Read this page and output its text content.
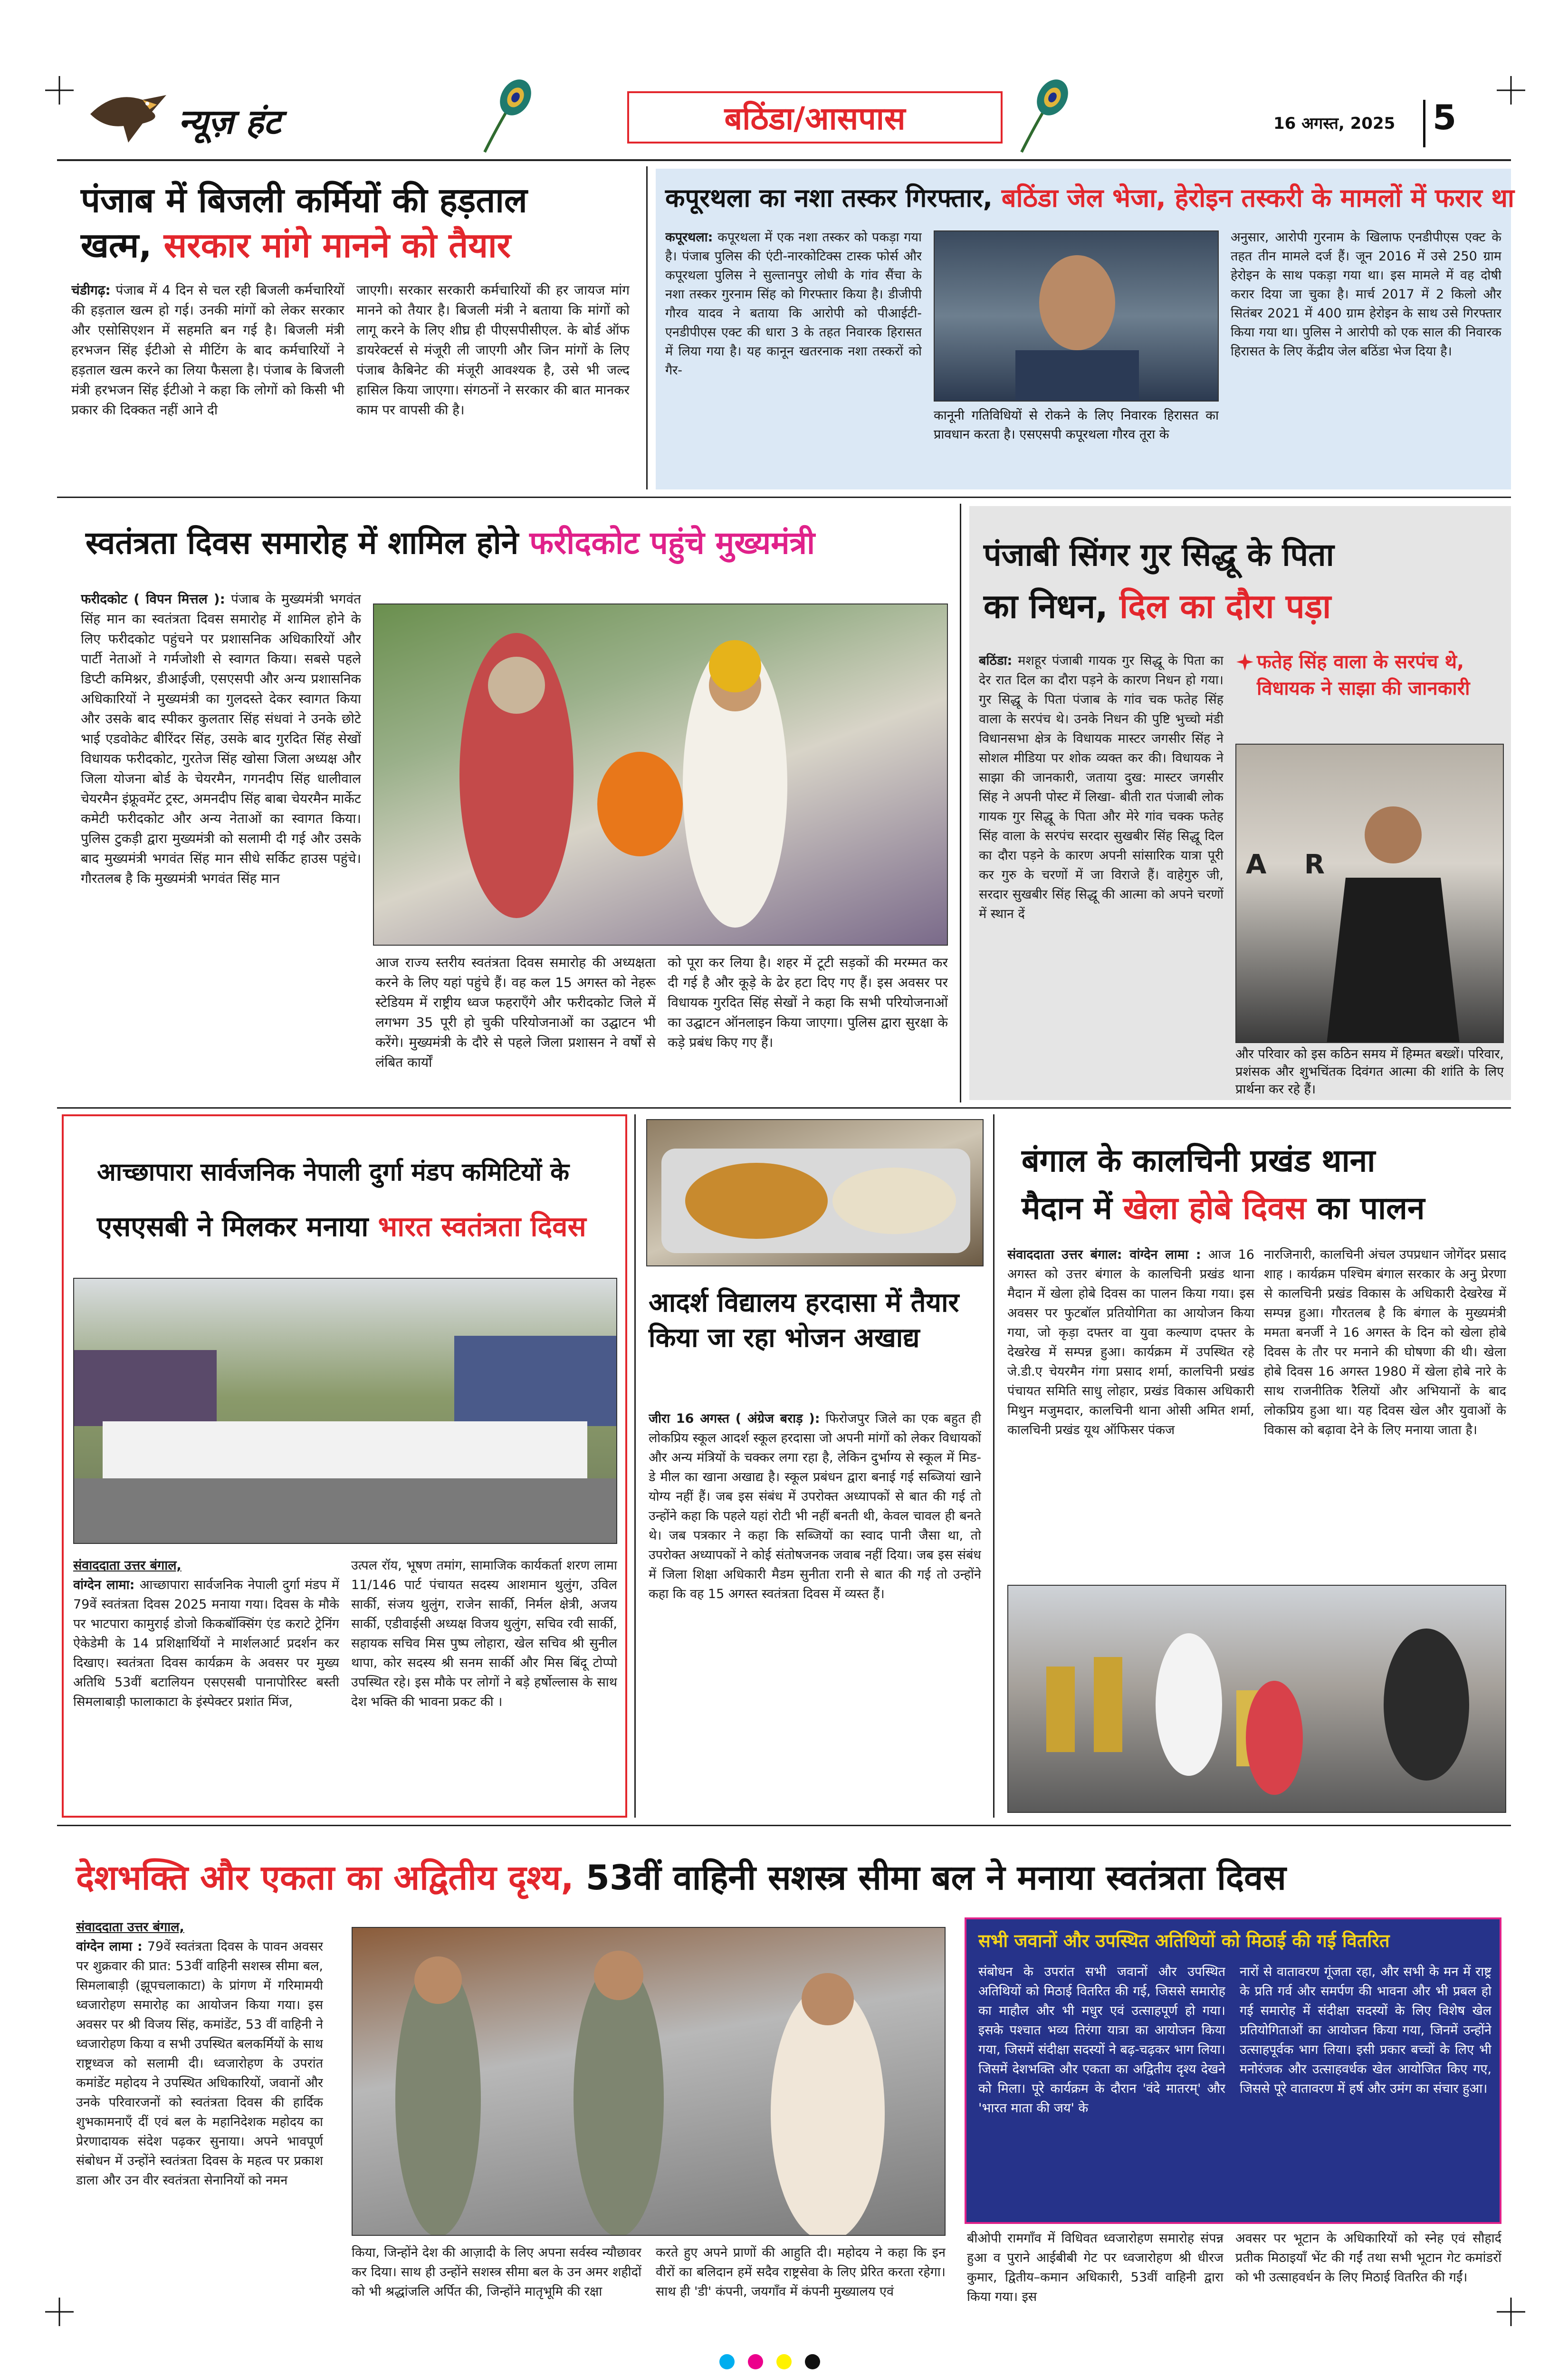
न्यूज़ हंट	बठिंडा/आसपास	16 अगस्त, 2025 5
पंजाब में बिजली कर्मियों की हड़ताल
खत्म, सरकार मांगे मानने को तैयार
चंडीगढ़: पंजाब में 4 दिन से चल रही बिजली कर्मचारियों की हड़ताल खत्म हो गई। उनकी मांगों को लेकर सरकार और एसोसिएशन में सहमति बन गई है। बिजली मंत्री हरभजन सिंह ईटीओ से मीटिंग के बाद कर्मचारियों ने हड़ताल खत्म करने का लिया फैसला है। पंजाब के बिजली मंत्री हरभजन सिंह ईटीओ ने कहा कि लोगों को किसी भी प्रकार की दिक्कत नहीं आने दी
जाएगी। सरकार सरकारी कर्मचारियों की हर जायज मांग मानने को तैयार है। बिजली मंत्री ने बताया कि मांगों को लागू करने के लिए शीघ्र ही पीएसपीसीएल. के बोर्ड ऑफ डायरेक्टर्स से मंजूरी ली जाएगी और जिन मांगों के लिए पंजाब कैबिनेट की मंजूरी आवश्यक है, उसे भी जल्द हासिल किया जाएगा। संगठनों ने सरकार की बात मानकर काम पर वापसी की है।
कपूरथला का नशा तस्कर गिरफ्तार, बठिंडा जेल भेजा, हेरोइन तस्करी के मामलों में फरार था
कपूरथला: कपूरथला में एक नशा तस्कर को पकड़ा गया है। पंजाब पुलिस की एंटी-नारकोटिक्स टास्क फोर्स और कपूरथला पुलिस ने सुल्तानपुर लोधी के गांव सैंचा के नशा तस्कर गुरनाम सिंह को गिरफ्तार किया है। डीजीपी गौरव यादव ने बताया कि आरोपी को पीआईटी-एनडीपीएस एक्ट की धारा 3 के तहत निवारक हिरासत में लिया गया है। यह कानून खतरनाक नशा तस्करों को गैर-
कानूनी गतिविधियों से रोकने के लिए निवारक हिरासत का प्रावधान करता है। एसएसपी कपूरथला गौरव तूरा के
अनुसार, आरोपी गुरनाम के खिलाफ एनडीपीएस एक्ट के तहत तीन मामले दर्ज हैं। जून 2016 में उसे 250 ग्राम हेरोइन के साथ पकड़ा गया था। इस मामले में वह दोषी करार दिया जा चुका है। मार्च 2017 में 2 किलो और सितंबर 2021 में 400 ग्राम हेरोइन के साथ उसे गिरफ्तार किया गया था। पुलिस ने आरोपी को एक साल की निवारक हिरासत के लिए केंद्रीय जेल बठिंडा भेज दिया है।
स्वतंत्रता दिवस समारोह में शामिल होने फरीदकोट पहुंचे मुख्यमंत्री
फरीदकोट ( विपन मित्तल ): पंजाब के मुख्यमंत्री भगवंत सिंह मान का स्वतंत्रता दिवस समारोह में शामिल होने के लिए फरीदकोट पहुंचने पर प्रशासनिक अधिकारियों और पार्टी नेताओं ने गर्मजोशी से स्वागत किया। सबसे पहले डिप्टी कमिश्नर, डीआईजी, एसएसपी और अन्य प्रशासनिक अधिकारियों ने मुख्यमंत्री का गुलदस्ते देकर स्वागत किया और उसके बाद स्पीकर कुलतार सिंह संधवां ने उनके छोटे भाई एडवोकेट बीरिंदर सिंह, उसके बाद गुरदित सिंह सेखों विधायक फरीदकोट, गुरतेज सिंह खोसा जिला अध्यक्ष और जिला योजना बोर्ड के चेयरमैन, गगनदीप सिंह धालीवाल चेयरमैन इंफ्रूवमेंट ट्रस्ट, अमनदीप सिंह बाबा चेयरमैन मार्केट कमेटी फरीदकोट और अन्य नेताओं का स्वागत किया। पुलिस टुकड़ी द्वारा मुख्यमंत्री को सलामी दी गई और उसके बाद मुख्यमंत्री भगवंत सिंह मान सीधे सर्किट हाउस पहुंचे। गौरतलब है कि मुख्यमंत्री भगवंत सिंह मान
आज राज्य स्तरीय स्वतंत्रता दिवस समारोह की अध्यक्षता करने के लिए यहां पहुंचे हैं। वह कल 15 अगस्त को नेहरू स्टेडियम में राष्ट्रीय ध्वज फहराएँगे और फरीदकोट जिले में लगभग 35 पूरी हो चुकी परियोजनाओं का उद्घाटन भी करेंगे। मुख्यमंत्री के दौरे से पहले जिला प्रशासन ने वर्षों से लंबित कार्यों
को पूरा कर लिया है। शहर में टूटी सड़कों की मरम्मत कर दी गई है और कूड़े के ढेर हटा दिए गए हैं। इस अवसर पर विधायक गुरदित सिंह सेखों ने कहा कि सभी परियोजनाओं का उद्घाटन ऑनलाइन किया जाएगा। पुलिस द्वारा सुरक्षा के कड़े प्रबंध किए गए हैं।
पंजाबी सिंगर गुर सिद्धू के पिता
का निधन, दिल का दौरा पड़ा
बठिंडा: मशहूर पंजाबी गायक गुर सिद्धू के पिता का देर रात दिल का दौरा पड़ने के कारण निधन हो गया। गुर सिद्धू के पिता पंजाब के गांव चक फतेह सिंह वाला के सरपंच थे। उनके निधन की पुष्टि भुच्चो मंडी विधानसभा क्षेत्र के विधायक मास्टर जगसीर सिंह ने सोशल मीडिया पर शोक व्यक्त कर की। विधायक ने साझा की जानकारी, जताया दुख: मास्टर जगसीर सिंह ने अपनी पोस्ट में लिखा- बीती रात पंजाबी लोक गायक गुर सिद्धू के पिता और मेरे गांव चक्क फतेह सिंह वाला के सरपंच सरदार सुखबीर सिंह सिद्धू दिल का दौरा पड़ने के कारण अपनी सांसारिक यात्रा पूरी कर गुरु के चरणों में जा विराजे हैं। वाहेगुरु जी, सरदार सुखबीर सिंह सिद्धू की आत्मा को अपने चरणों में स्थान दें
फतेह सिंह वाला के सरपंच थे, विधायक ने साझा की जानकारी
A R
और परिवार को इस कठिन समय में हिम्मत बख्शें। परिवार, प्रशंसक और शुभचिंतक दिवंगत आत्मा की शांति के लिए प्रार्थना कर रहे हैं।
आच्छापारा सार्वजनिक नेपाली दुर्गा मंडप कमिटियों के
एसएसबी ने मिलकर मनाया भारत स्वतंत्रता दिवस
संवाददाता उत्तर बंगाल,
वांग्देन लामा: आच्छापारा सार्वजनिक नेपाली दुर्गा मंडप में 79वें स्वतंत्रता दिवस 2025 मनाया गया। दिवस के मौके पर भाटपारा कामुराई डोजो किकबॉक्सिंग एंड कराटे ट्रेनिंग ऐकेडेमी के 14 प्रशिक्षार्थियों ने मार्शलआर्ट प्रदर्शन कर दिखाए। स्वतंत्रता दिवस कार्यक्रम के अवसर पर मुख्य अतिथि 53वीं बटालियन एसएसबी पानापोरिस्ट बस्ती सिमलाबाड़ी फालाकाटा के इंस्पेक्टर प्रशांत मिंज,
उत्पल रॉय, भूषण तमांग, सामाजिक कार्यकर्ता शरण लामा 11/146 पार्ट पंचायत सदस्य आशमान थुलुंग, उविल सार्की, संजय थुलुंग, राजेन सार्की, निर्मल क्षेत्री, अजय सार्की, एडीवाईसी अध्यक्ष विजय थुलुंग, सचिव रवी सार्की, सहायक सचिव मिस पुष्प लोहारा, खेल सचिव श्री सुनील थापा, कोर सदस्य श्री सनम सार्की और मिस बिंदू टोप्पो उपस्थित रहे। इस मौके पर लोगों ने बड़े हर्षोल्लास के साथ देश भक्ति की भावना प्रकट की ।
आदर्श विद्यालय हरदासा में तैयार किया जा रहा भोजन अखाद्य
जीरा 16 अगस्त ( अंग्रेज बराड़ ): फिरोजपुर जिले का एक बहुत ही लोकप्रिय स्कूल आदर्श स्कूल हरदासा जो अपनी मांगों को लेकर विधायकों और अन्य मंत्रियों के चक्कर लगा रहा है, लेकिन दुर्भाग्य से स्कूल में मिड-डे मील का खाना अखाद्य है। स्कूल प्रबंधन द्वारा बनाई गई सब्जियां खाने योग्य नहीं हैं। जब इस संबंध में उपरोक्त अध्यापकों से बात की गई तो उन्होंने कहा कि पहले यहां रोटी भी नहीं बनती थी, केवल चावल ही बनते थे। जब पत्रकार ने कहा कि सब्जियों का स्वाद पानी जैसा था, तो उपरोक्त अध्यापकों ने कोई संतोषजनक जवाब नहीं दिया। जब इस संबंध में जिला शिक्षा अधिकारी मैडम सुनीता रानी से बात की गई तो उन्होंने कहा कि वह 15 अगस्त स्वतंत्रता दिवस में व्यस्त हैं।
बंगाल के कालचिनी प्रखंड थाना
मैदान में खेला होबे दिवस का पालन
संवाददाता उत्तर बंगाल: वांग्देन लामा : आज 16 अगस्त को उत्तर बंगाल के कालचिनी प्रखंड थाना मैदान में खेला होबे दिवस का पालन किया गया। इस अवसर पर फुटबॉल प्रतियोगिता का आयोजन किया गया, जो कृड़ा दफ्तर वा युवा कल्याण दफ्तर के देखरेख में सम्पन्न हुआ। कार्यक्रम में उपस्थित रहे जे.डी.ए चेयरमैन गंगा प्रसाद शर्मा, कालचिनी प्रखंड पंचायत समिति साधु लोहार, प्रखंड विकास अधिकारी मिथुन मजुमदार, कालचिनी थाना ओसी अमित शर्मा, कालचिनी प्रखंड यूथ ऑफिसर पंकज
नारजिनारी, कालचिनी अंचल उपप्रधान जोगेंदर प्रसाद शाह । कार्यक्रम पश्चिम बंगाल सरकार के अनु प्रेरणा से कालचिनी प्रखंड विकास के अधिकारी देखरेख में सम्पन्न हुआ। गौरतलब है कि बंगाल के मुख्यमंत्री ममता बनर्जी ने 16 अगस्त के दिन को खेला होबे दिवस के तौर पर मनाने की घोषणा की थी। खेला होबे दिवस 16 अगस्त 1980 में खेला होबे नारे के साथ राजनीतिक रैलियों और अभियानों के बाद लोकप्रिय हुआ था। यह दिवस खेल और युवाओं के विकास को बढ़ावा देने के लिए मनाया जाता है।
देशभक्ति और एकता का अद्वितीय दृश्य, 53वीं वाहिनी सशस्त्र सीमा बल ने मनाया स्वतंत्रता दिवस
संवाददाता उत्तर बंगाल,
वांग्देन लामा : 79वें स्वतंत्रता दिवस के पावन अवसर पर शुक्रवार की प्रात: 53वीं वाहिनी सशस्त्र सीमा बल, सिमलाबाड़ी (झूपचलाकाटा) के प्रांगण में गरिमामयी ध्वजारोहण समारोह का आयोजन किया गया। इस अवसर पर श्री विजय सिंह, कमांडेंट, 53 वीं वाहिनी ने ध्वजारोहण किया व सभी उपस्थित बलकर्मियों के साथ राष्ट्रध्वज को सलामी दी। ध्वजारोहण के उपरांत कमांडेंट महोदय ने उपस्थित अधिकारियों, जवानों और उनके परिवारजनों को स्वतंत्रता दिवस की हार्दिक शुभकामनाएँ दीं एवं बल के महानिदेशक महोदय का प्रेरणादायक संदेश पढ़कर सुनाया। अपने भावपूर्ण संबोधन में उन्होंने स्वतंत्रता दिवस के महत्व पर प्रकाश डाला और उन वीर स्वतंत्रता सेनानियों को नमन
किया, जिन्होंने देश की आज़ादी के लिए अपना सर्वस्व न्यौछावर कर दिया। साथ ही उन्होंने सशस्त्र सीमा बल के उन अमर शहीदों को भी श्रद्धांजलि अर्पित की, जिन्होंने मातृभूमि की रक्षा
करते हुए अपने प्राणों की आहुति दी। महोदय ने कहा कि इन वीरों का बलिदान हमें सदैव राष्ट्रसेवा के लिए प्रेरित करता रहेगा। साथ ही 'डी' कंपनी, जयगाँव में कंपनी मुख्यालय एवं
सभी जवानों और उपस्थित अतिथियों को मिठाई की गई वितरित
संबोधन के उपरांत सभी जवानों और उपस्थित अतिथियों को मिठाई वितरित की गई, जिससे समारोह का माहौल और भी मधुर एवं उत्साहपूर्ण हो गया। इसके पश्चात भव्य तिरंगा यात्रा का आयोजन किया गया, जिसमें संदीक्षा सदस्यों ने बढ़-चढ़कर भाग लिया। जिसमें देशभक्ति और एकता का अद्वितीय दृश्य देखने को मिला। पूरे कार्यक्रम के दौरान 'वंदे मातरम्' और 'भारत माता की जय' के
नारों से वातावरण गूंजता रहा, और सभी के मन में राष्ट्र के प्रति गर्व और समर्पण की भावना और भी प्रबल हो गई समारोह में संदीक्षा सदस्यों के लिए विशेष खेल प्रतियोगिताओं का आयोजन किया गया, जिनमें उन्होंने उत्साहपूर्वक भाग लिया। इसी प्रकार बच्चों के लिए भी मनोरंजक और उत्साहवर्धक खेल आयोजित किए गए, जिससे पूरे वातावरण में हर्ष और उमंग का संचार हुआ।
बीओपी रामगाँव में विधिवत ध्वजारोहण समारोह संपन्न हुआ व पुराने आईबीबी गेट पर ध्वजारोहण श्री धीरज कुमार, द्वितीय–कमान अधिकारी, 53वीं वाहिनी द्वारा किया गया। इस
अवसर पर भूटान के अधिकारियों को स्नेह एवं सौहार्द प्रतीक मिठाइयाँ भेंट की गईं तथा सभी भूटान गेट कमांडरों को भी उत्साहवर्धन के लिए मिठाई वितरित की गईं।
